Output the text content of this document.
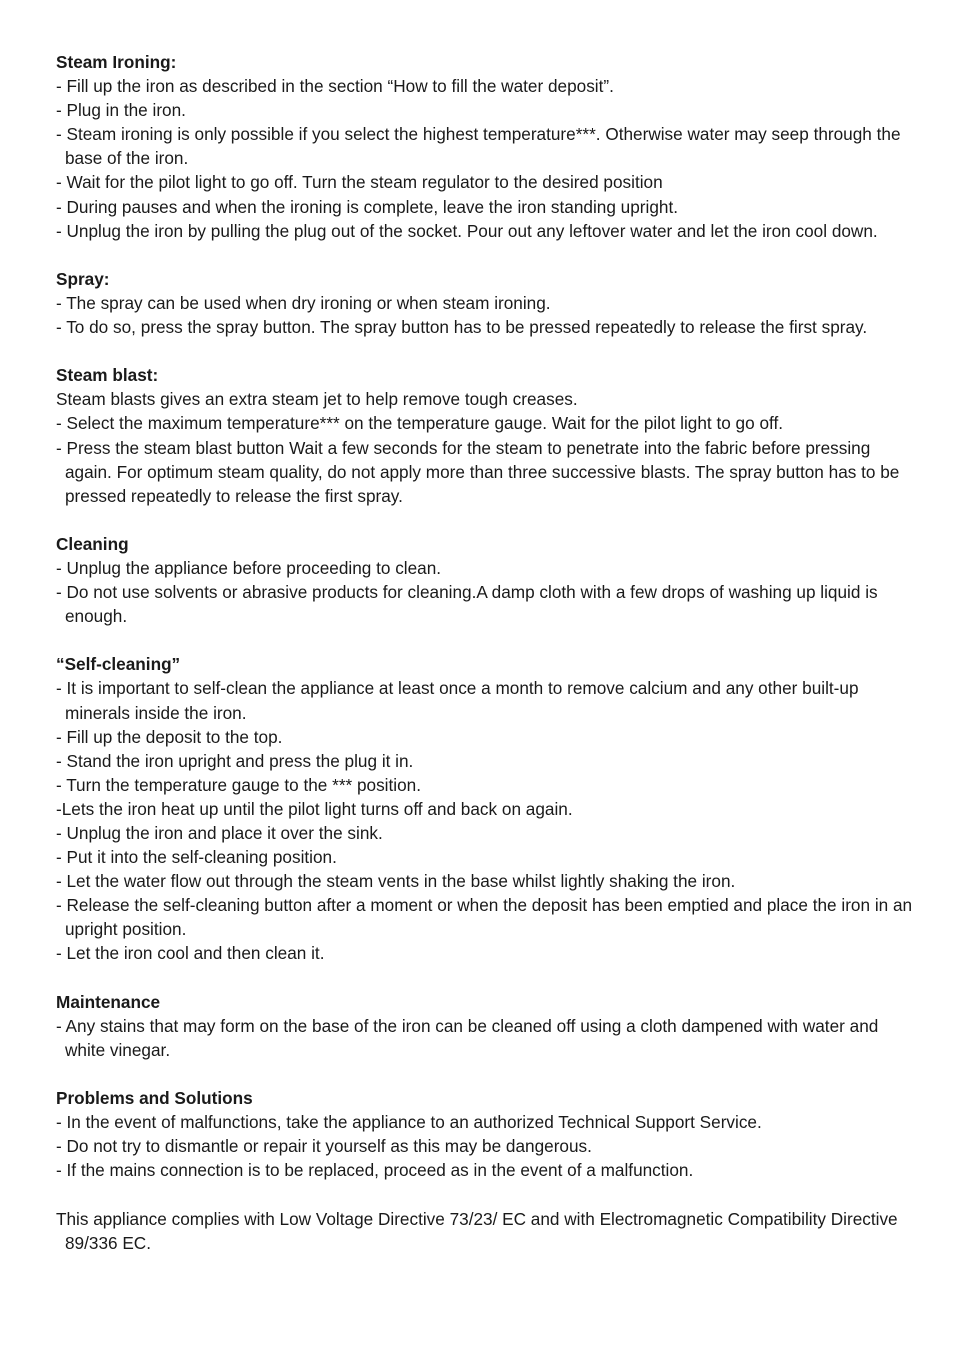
Steam Ironing:

- Fill up the iron as described in the section “How to fill the water deposit”.

- Plug in the iron.

- Steam ironing is only possible if you select the highest temperature***. Otherwise water may seep through the base of the iron.

- Wait for the pilot light to go off. Turn the steam regulator to the desired position

- During pauses and when the ironing is complete, leave the iron standing upright.

- Unplug the iron by pulling the plug out of the socket. Pour out any leftover water and let the iron cool down.

Spray:

- The spray can be used when dry ironing or when steam ironing.

- To do so, press the spray button. The spray button has to be pressed repeatedly to release the first spray.

Steam blast:

Steam blasts gives an extra steam jet to help remove tough creases.

- Select the maximum temperature*** on the temperature gauge. Wait for the pilot light to go off.

- Press the steam blast button Wait a few seconds for the steam to penetrate into the fabric before pressing again. For optimum steam quality, do not apply more than three successive blasts. The spray button has to be pressed repeatedly to release the first spray.

Cleaning

- Unplug the appliance before proceeding to clean.

- Do not use solvents or abrasive products for cleaning.A damp cloth with a few drops of washing up liquid is enough.

“Self-cleaning”

- It is important to self-clean the appliance at least once a month to remove calcium and any other built-up minerals inside the iron.

- Fill up the deposit to the top.

- Stand the iron upright and press the plug it in.

- Turn the temperature gauge to the *** position.

-Lets the iron heat up until the pilot light turns off and back on again.

- Unplug the iron and place it over the sink.

- Put it into the self-cleaning position.

- Let the water flow out through the steam vents in the base whilst lightly shaking the iron.

- Release the self-cleaning button after a moment or when the deposit has been emptied and place the iron in an upright position.

- Let the iron cool and then clean it.

Maintenance

- Any stains that may form on the base of the iron can be cleaned off using a cloth dampened with water and white vinegar.

Problems and Solutions

- In the event of malfunctions, take the appliance to an authorized Technical Support Service.

- Do not try to dismantle or repair it yourself as this may be dangerous.

- If the mains connection is to be replaced, proceed as in the event of a malfunction.

This appliance complies with Low Voltage Directive 73/23/ EC and with Electromagnetic Compatibility Directive 89/336 EC.
